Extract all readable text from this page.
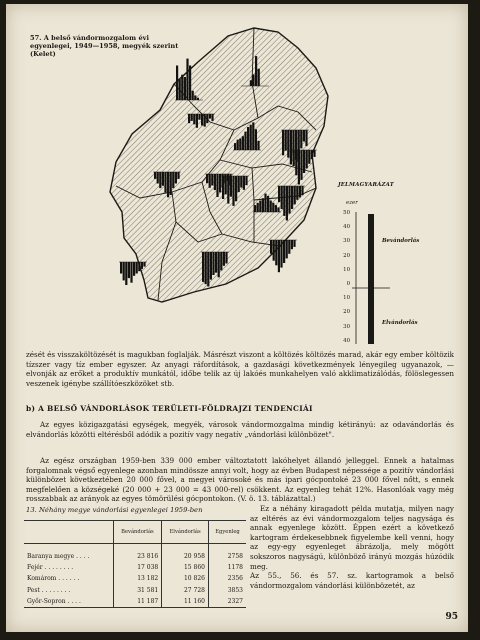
57. A belső vándormozgalom évi egyenlegei, 1949—1958, megyék szerint (Kelet)
JELMAGYARÁZAT
ezer
50
40
30
20
10
0
10
20
30
40
Bevándorlás
Elvándorlás
zését és visszaköltözését is magukban foglalják. Másrészt viszont a költözés költözés marad, akár egy ember költözik tízszer vagy tíz ember egyszer. Az anyagi ráfordítások, a gazdasági következmények lényegileg ugyanazok, — elvonják az erőket a produktív munkától, időbe telik az új lakóés munkahelyen való akklimatizálódás, fölöslegessen veszenek igénybe szállítóeszközöket stb.
b) A BELSŐ VÁNDORLÁSOK TERÜLETI-FÖLDRAJZI TENDENCIÁI
Az egyes közigazgatási egységek, megyék, városok vándormozgalma mindig kétirányú: az odavándorlás és elvándorlás közötti eltérésből adódik a pozitív vagy negatív „vándorlási különbözet".
Az egész országban 1959-ben 339 000 ember változtatott lakóhelyet állandó jelleggel. Ennek a hatalmas forgalomnak végső egyenlege azonban mindössze annyi volt, hogy az évben Budapest népessége a pozitív vándorlási különbözet következtében 20 000 fővel, a megyei városoké és más ipari gócpontoké 23 000 fővel nőtt, s ennek megfelelően a községeké (20 000 + 23 000 = 43 000-rel) csökkent. Az egyenleg tehát 12%. Hasonlóak vagy még rosszabbak az arányok az egyes tömörülési gócpontokon. (V. ö. 13. táblázattal.)
13. Néhány megye vándorlási egyenlegei 1959-ben
	Bevándorlás	Elvándorlás	Egyenleg
Baranya megye . . . .	23 816	20 958	2758
Fejér . . . . . . . .	17 038	15 860	1178
Komárom . . . . . .	13 182	10 826	2356
Pest . . . . . . . .	31 581	27 728	3853
Győr-Sopron . . . .	11 187	11 160	2327
Ez a néhány kiragadott példa mutatja, milyen nagy az eltérés az évi vándormozgalom teljes nagysága és annak egyenlege között. Éppen ezért a következő kartogram érdekesebbnek figyelembe kell venni, hogy az egy-egy egyenleget ábrázolja, mely mögött sokszoros nagyságú, különböző irányú mozgás húzódik meg.
Az 55., 56. és 57. sz. kartogramok a belső vándormozgalom vándorlási különbözetét, az
95
